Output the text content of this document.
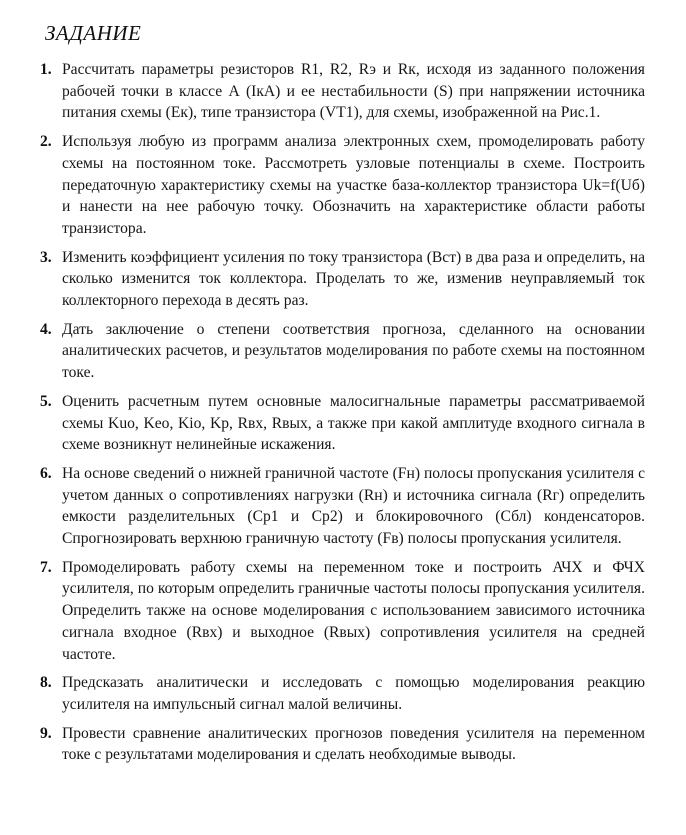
ЗАДАНИЕ

1. Рассчитать параметры резисторов R1, R2, Rэ и Rк, исходя из заданного положения рабочей точки в классе А (IкА) и ее нестабильности (S) при напряжении источника питания схемы (Ек), типе транзистора (VT1), для схемы, изображенной на Рис.1.

2. Используя любую из программ анализа электронных схем, промоделировать работу схемы на постоянном токе. Рассмотреть узловые потенциалы в схеме. Построить передаточную характеристику схемы на участке база-коллектор транзистора Uk=f(Uб) и нанести на нее рабочую точку. Обозначить на характеристике области работы транзистора.

3. Изменить коэффициент усиления по току транзистора (Вст) в два раза и определить, на сколько изменится ток коллектора. Проделать то же, изменив неуправляемый ток коллекторного перехода в десять раз.

4. Дать заключение о степени соответствия прогноза, сделанного на основании аналитических расчетов, и результатов моделирования по работе схемы на постоянном токе.

5. Оценить расчетным путем основные малосигнальные параметры рассматриваемой схемы Kuo, Keo, Kio, Kp, Rвх, Rвых, а также при какой амплитуде входного сигнала в схеме возникнут нелинейные искажения.

6. На основе сведений о нижней граничной частоте (Fн) полосы пропускания усилителя с учетом данных о сопротивлениях нагрузки (Rн) и источника сигнала (Rг) определить емкости разделительных (Ср1 и Ср2) и блокировочного (Сбл) конденсаторов. Спрогнозировать верхнюю граничную частоту (Fв) полосы пропускания усилителя.

7. Промоделировать работу схемы на переменном токе и построить АЧХ и ФЧХ усилителя, по которым определить граничные частоты полосы пропускания усилителя. Определить также на основе моделирования с использованием зависимого источника сигнала входное (Rвх) и выходное (Rвых) сопротивления усилителя на средней частоте.

8. Предсказать аналитически и исследовать с помощью моделирования реакцию усилителя на импульсный сигнал малой величины.

9. Провести сравнение аналитических прогнозов поведения усилителя на переменном токе с результатами моделирования и сделать необходимые выводы.
